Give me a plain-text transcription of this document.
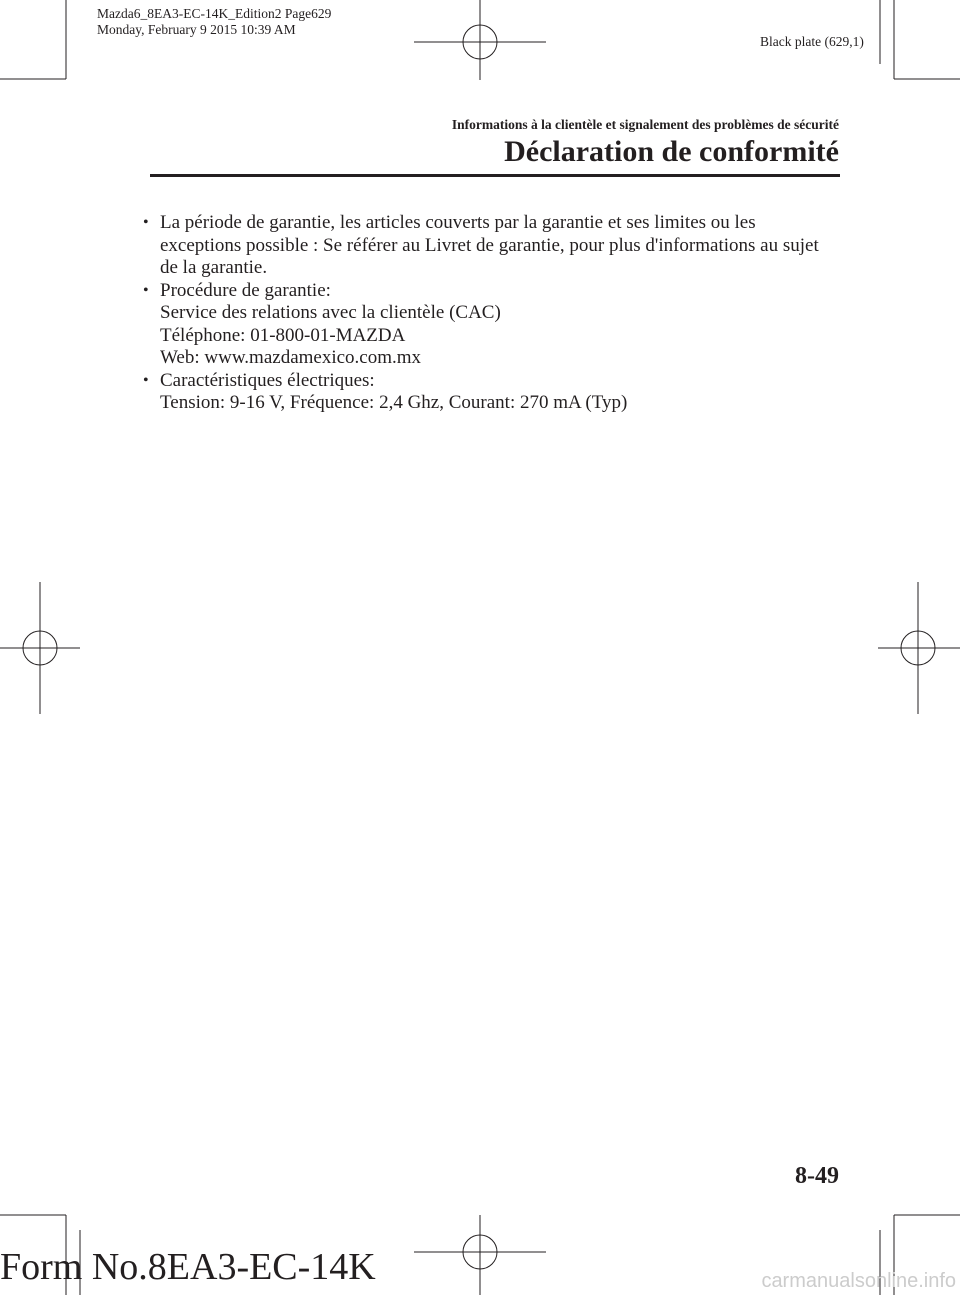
Mazda6_8EA3-EC-14K_Edition2 Page629
Monday, February 9 2015 10:39 AM
Black plate (629,1)
Informations à la clientèle et signalement des problèmes de sécurité
Déclaration de conformité
• La période de garantie, les articles couverts par la garantie et ses limites ou les
exceptions possible : Se référer au Livret de garantie, pour plus d'informations au sujet
de la garantie.
• Procédure de garantie:
Service des relations avec la clientèle (CAC)
Téléphone: 01-800-01-MAZDA
Web: www.mazdamexico.com.mx
• Caractéristiques électriques:
Tension: 9-16 V, Fréquence: 2,4 Ghz, Courant: 270 mA (Typ)
8-49
Form No.8EA3-EC-14K	carmanualsonline.info
